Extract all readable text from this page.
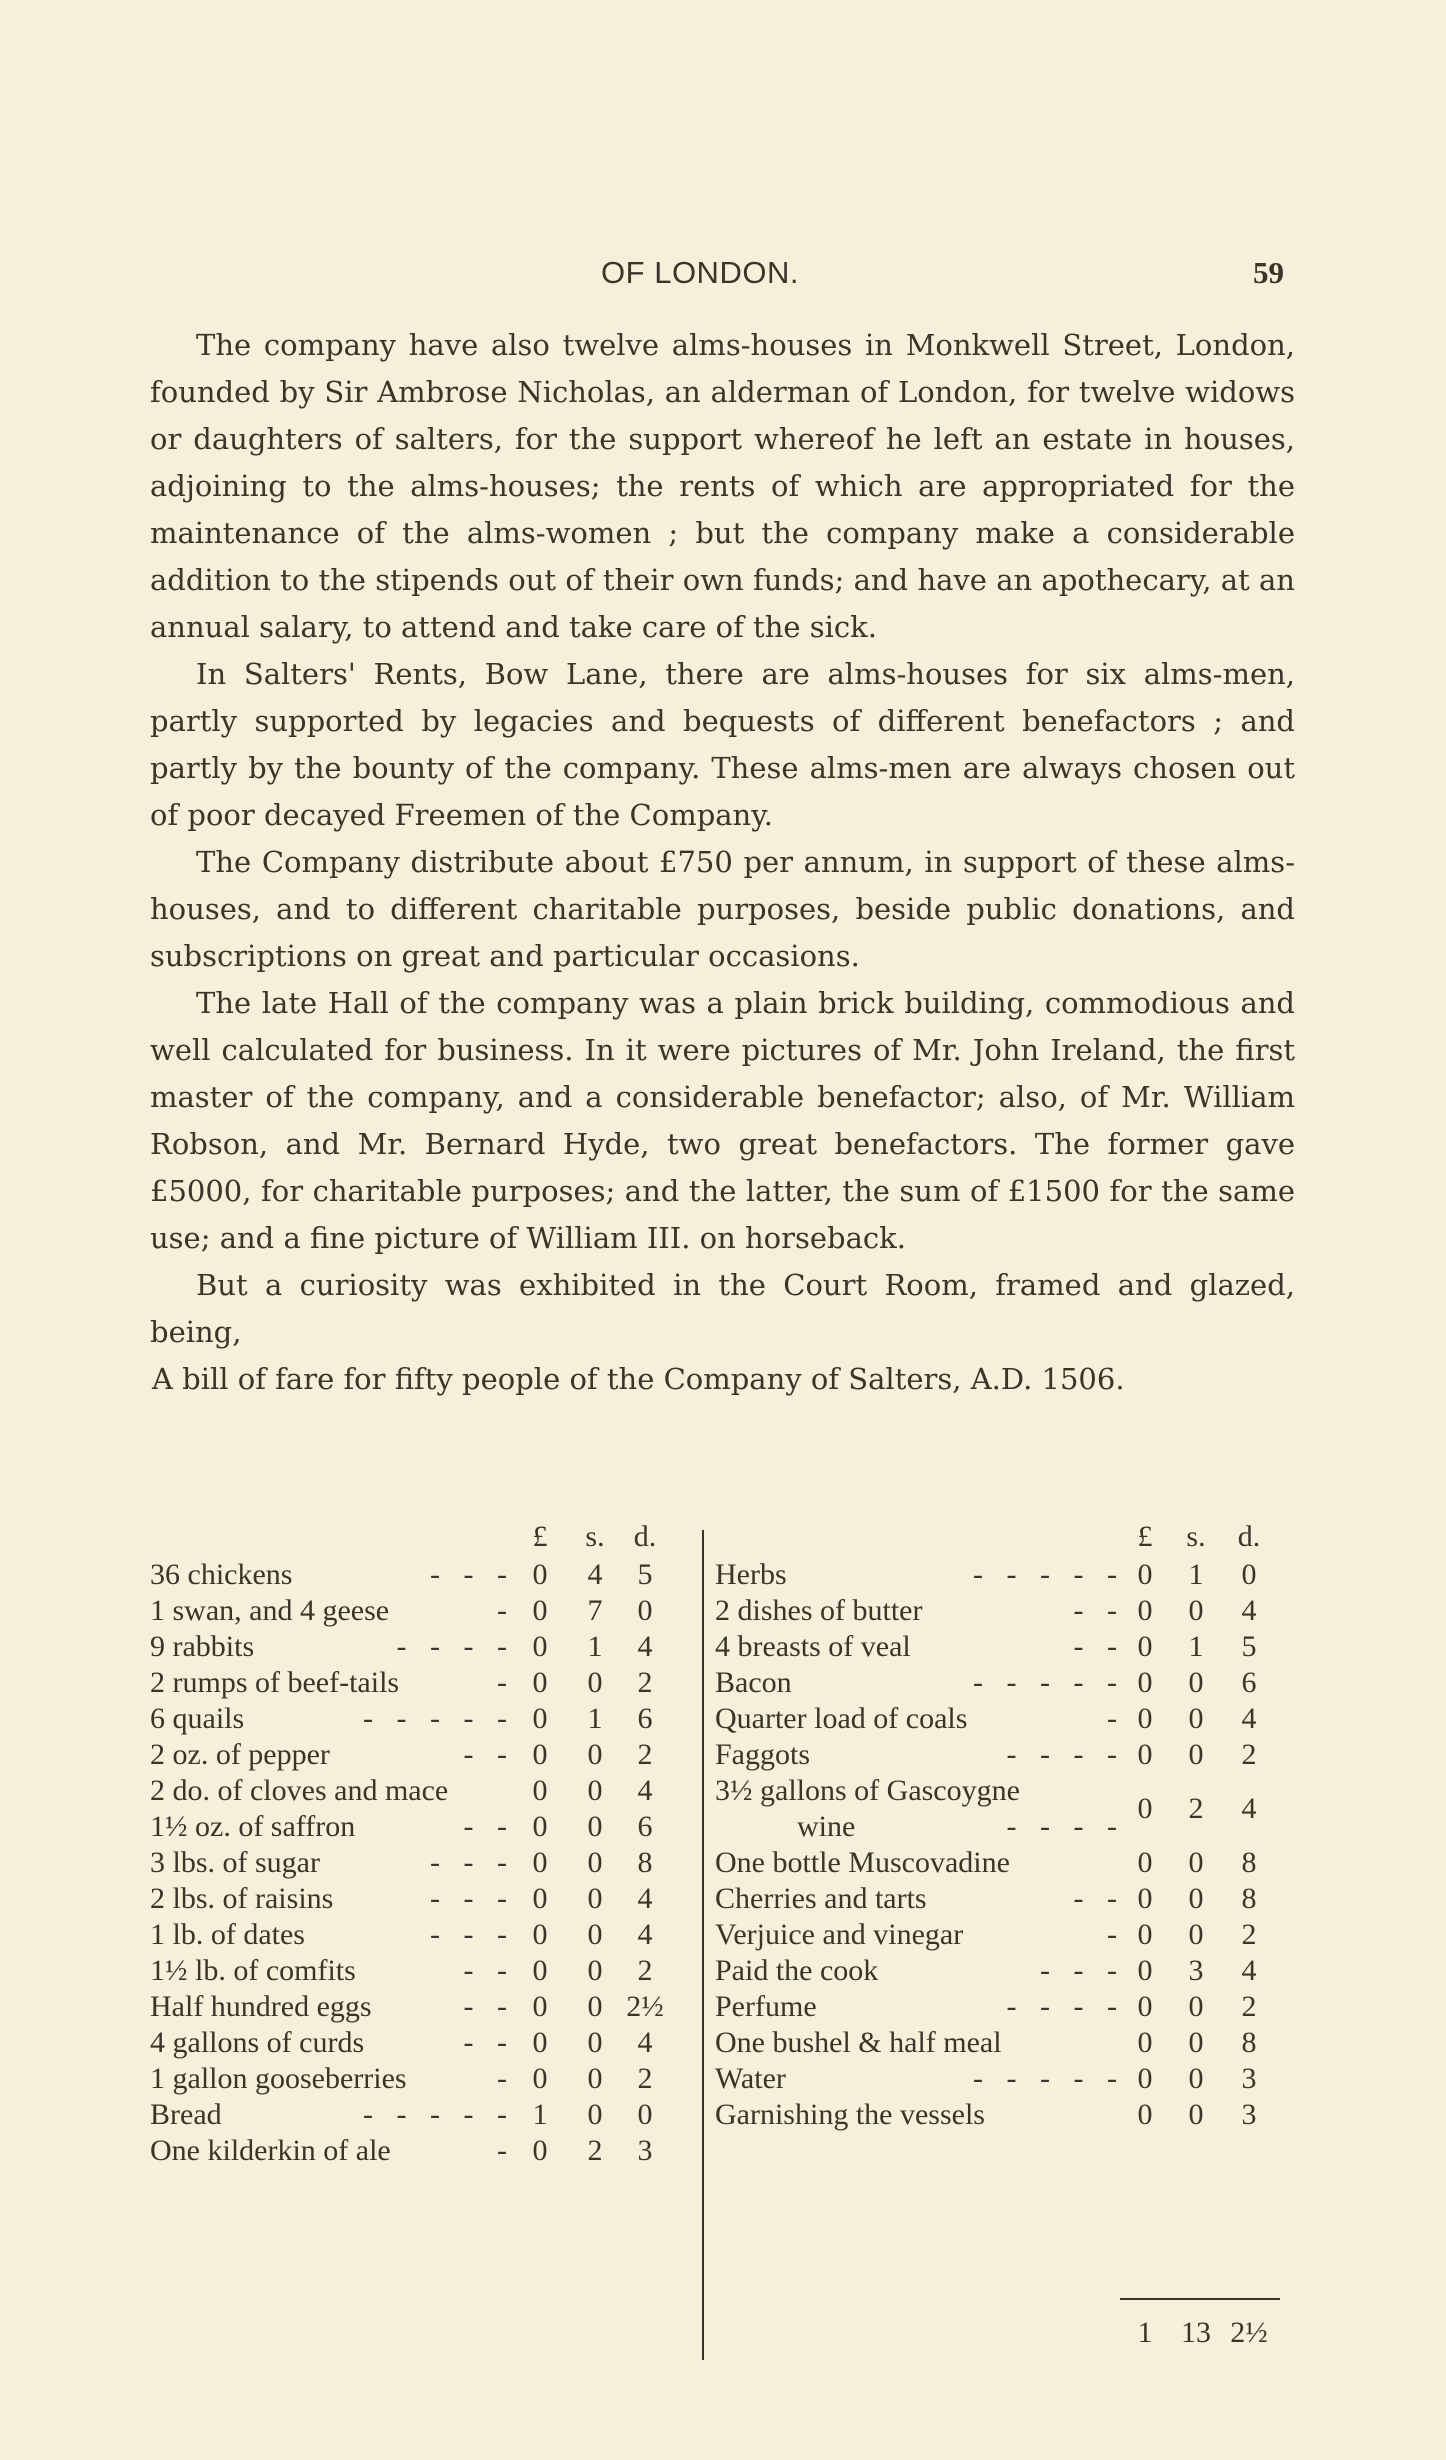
OF LONDON.	59

The company have also twelve alms-houses in Monkwell Street, London, founded by Sir Ambrose Nicholas, an alderman of London, for twelve widows or daughters of salters, for the support whereof he left an estate in houses, adjoining to the alms-houses; the rents of which are appropriated for the maintenance of the alms-women ; but the company make a considerable addition to the stipends out of their own funds; and have an apothecary, at an annual salary, to attend and take care of the sick.

In Salters' Rents, Bow Lane, there are alms-houses for six alms-men, partly supported by legacies and bequests of different benefactors ; and partly by the bounty of the company. These alms-men are always chosen out of poor decayed Freemen of the Company.

The Company distribute about £750 per annum, in support of these alms-houses, and to different charitable purposes, beside public donations, and subscriptions on great and particular occasions.

The late Hall of the company was a plain brick building, commodious and well calculated for business. In it were pictures of Mr. John Ireland, the first master of the company, and a considerable benefactor; also, of Mr. William Robson, and Mr. Bernard Hyde, two great benefactors. The former gave £5000, for charitable purposes; and the latter, the sum of £1500 for the same use; and a fine picture of William III. on horseback.

But a curiosity was exhibited in the Court Room, framed and glazed, being,

A bill of fare for fifty people of the Company of Salters, A.D. 1506.

£	s. d.
36 chickens	- - - 0	4	5
1 swan, and 4 geese	- 0	7	0
9 rabbits	- - - - 0	1	4
2 rumps of beef-tails	- 0	0	2
6 quails	- - - - - 0	1	6
2 oz. of pepper	- - 0	0	2
2 do. of cloves and mace	0	0	4
1½ oz. of saffron	- - 0	0	6
3 lbs. of sugar	- - - 0	0	8
2 lbs. of raisins	- - - 0	0	4
1 lb. of dates	- - - 0	0	4
1½ lb. of comfits	- - 0	0	2
Half hundred eggs	- - 0	0 2½
4 gallons of curds	- - 0	0	4
1 gallon gooseberries	- 0	0	2
Bread	- - - - - 1	0	0
One kilderkin of ale	- 0	2	3
£	s.	d.
Herbs	- - - - - 0	1	0
2 dishes of butter	- - 0	0	4
4 breasts of veal	- - 0	1	5
Bacon	- - - - - 0	0	6
Quarter load of coals	- 0	0	4
Faggots	- - - - 0	0	2
3½ gallons of Gascoygne
wine	- - - -
0	2	4
One bottle Muscovadine	0	0	8
Cherries and tarts	- - 0	0	8
Verjuice and vinegar	- 0	0	2
Paid the cook	- - - 0	3	4
Perfume	- - - - 0	0	2
One bushel & half meal	0	0	8
Water	- - - - - 0	0	3
Garnishing the vessels	0	0	3
1 13 2½
